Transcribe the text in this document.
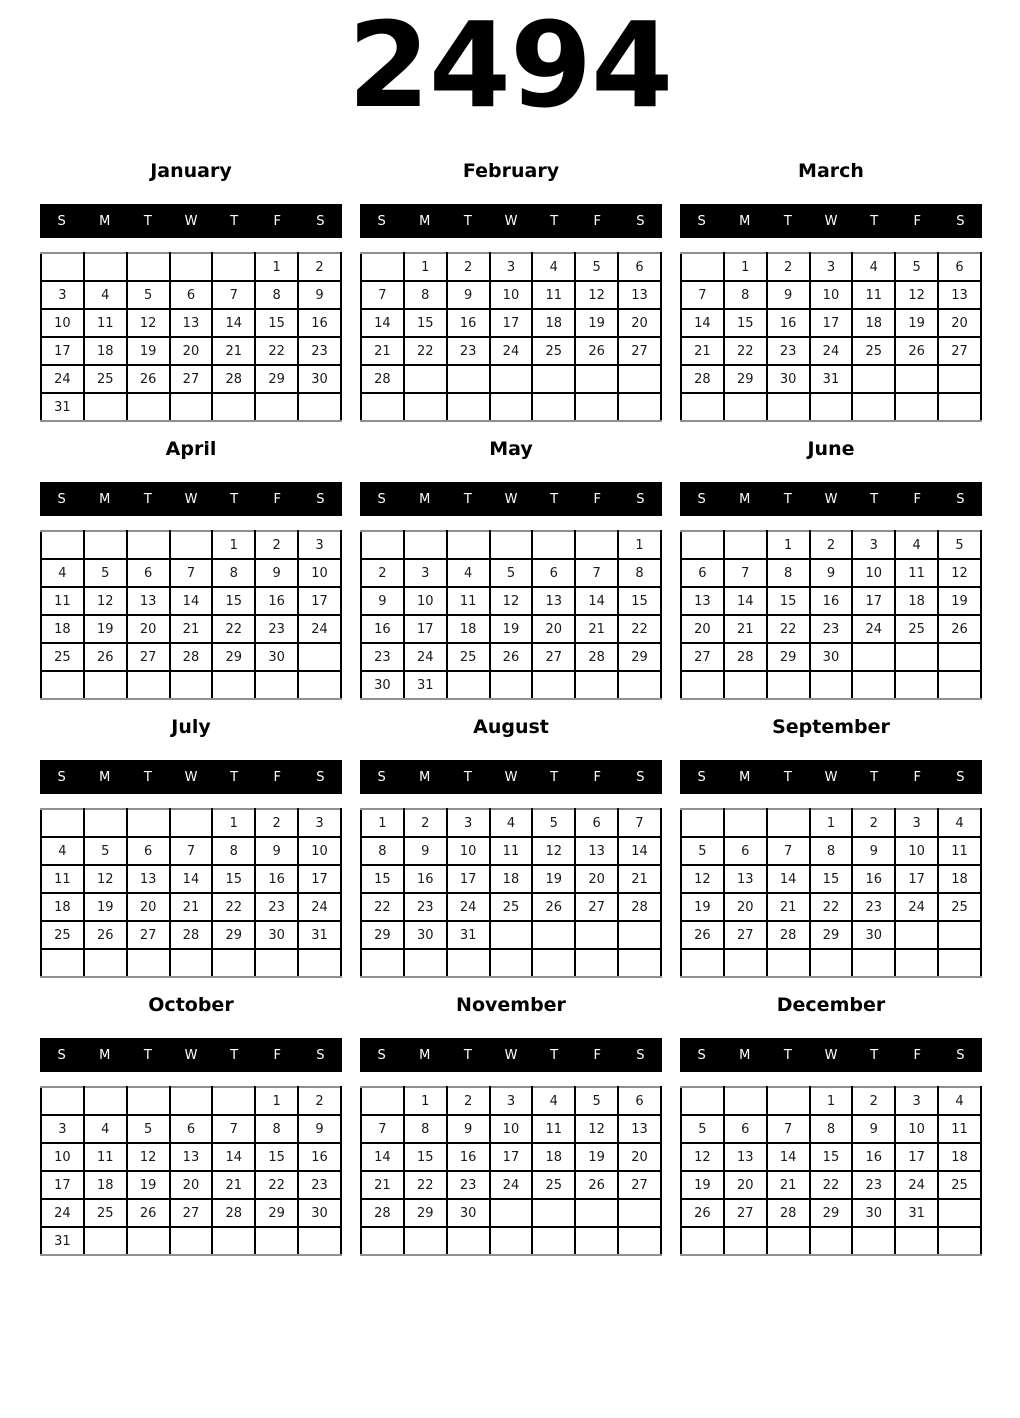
2494
January
S	M	T	W	T	F	S
					1	2
3	4	5	6	7	8	9
10	11	12	13	14	15	16
17	18	19	20	21	22	23
24	25	26	27	28	29	30
31						
February
S	M	T	W	T	F	S
	1	2	3	4	5	6
7	8	9	10	11	12	13
14	15	16	17	18	19	20
21	22	23	24	25	26	27
28						

March
S	M	T	W	T	F	S
	1	2	3	4	5	6
7	8	9	10	11	12	13
14	15	16	17	18	19	20
21	22	23	24	25	26	27
28	29	30	31			

April
S	M	T	W	T	F	S
				1	2	3
4	5	6	7	8	9	10
11	12	13	14	15	16	17
18	19	20	21	22	23	24
25	26	27	28	29	30	

May
S	M	T	W	T	F	S
						1
2	3	4	5	6	7	8
9	10	11	12	13	14	15
16	17	18	19	20	21	22
23	24	25	26	27	28	29
30	31					
June
S	M	T	W	T	F	S
		1	2	3	4	5
6	7	8	9	10	11	12
13	14	15	16	17	18	19
20	21	22	23	24	25	26
27	28	29	30			

July
S	M	T	W	T	F	S
				1	2	3
4	5	6	7	8	9	10
11	12	13	14	15	16	17
18	19	20	21	22	23	24
25	26	27	28	29	30	31

August
S	M	T	W	T	F	S
1	2	3	4	5	6	7
8	9	10	11	12	13	14
15	16	17	18	19	20	21
22	23	24	25	26	27	28
29	30	31				

September
S	M	T	W	T	F	S
			1	2	3	4
5	6	7	8	9	10	11
12	13	14	15	16	17	18
19	20	21	22	23	24	25
26	27	28	29	30		

October
S	M	T	W	T	F	S
					1	2
3	4	5	6	7	8	9
10	11	12	13	14	15	16
17	18	19	20	21	22	23
24	25	26	27	28	29	30
31						
November
S	M	T	W	T	F	S
	1	2	3	4	5	6
7	8	9	10	11	12	13
14	15	16	17	18	19	20
21	22	23	24	25	26	27
28	29	30				

December
S	M	T	W	T	F	S
			1	2	3	4
5	6	7	8	9	10	11
12	13	14	15	16	17	18
19	20	21	22	23	24	25
26	27	28	29	30	31	
